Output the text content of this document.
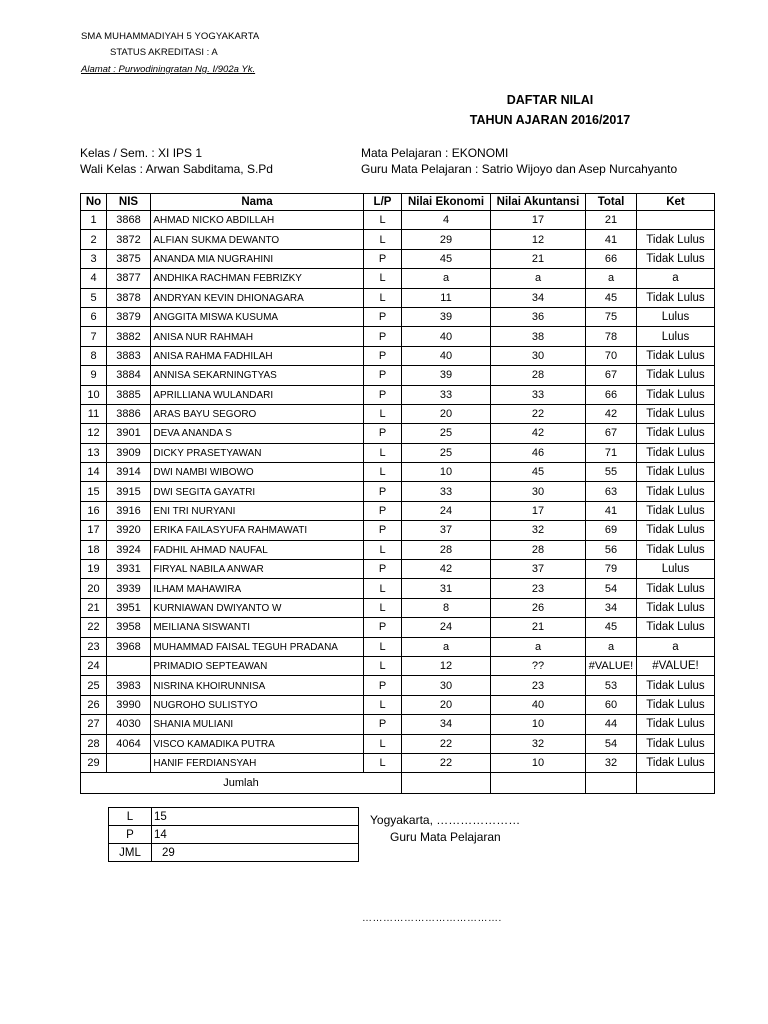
SMA MUHAMMADIYAH 5 YOGYAKARTA
STATUS AKREDITASI : A
Alamat : Purwodiningratan Ng. I/902a Yk.
DAFTAR NILAI
TAHUN AJARAN 2016/2017
Kelas / Sem. : XI IPS 1
Wali Kelas : Arwan Sabditama, S.Pd
Mata Pelajaran : EKONOMI
Guru Mata Pelajaran : Satrio Wijoyo dan Asep Nurcahyanto
No	NIS	Nama	L/P	Nilai Ekonomi	Nilai Akuntansi	Total	Ket
1	3868	AHMAD NICKO ABDILLAH	L	4	17	21	
2	3872	ALFIAN SUKMA DEWANTO	L	29	12	41	Tidak Lulus
3	3875	ANANDA MIA NUGRAHINI	P	45	21	66	Tidak Lulus
4	3877	ANDHIKA RACHMAN FEBRIZKY	L	a	a	a	a
5	3878	ANDRYAN KEVIN DHIONAGARA	L	11	34	45	Tidak Lulus
6	3879	ANGGITA MISWA KUSUMA	P	39	36	75	Lulus
7	3882	ANISA NUR RAHMAH	P	40	38	78	Lulus
8	3883	ANISA RAHMA FADHILAH	P	40	30	70	Tidak Lulus
9	3884	ANNISA SEKARNINGTYAS	P	39	28	67	Tidak Lulus
10	3885	APRILLIANA WULANDARI	P	33	33	66	Tidak Lulus
11	3886	ARAS BAYU SEGORO	L	20	22	42	Tidak Lulus
12	3901	DEVA ANANDA S	P	25	42	67	Tidak Lulus
13	3909	DICKY PRASETYAWAN	L	25	46	71	Tidak Lulus
14	3914	DWI NAMBI WIBOWO	L	10	45	55	Tidak Lulus
15	3915	DWI SEGITA GAYATRI	P	33	30	63	Tidak Lulus
16	3916	ENI TRI NURYANI	P	24	17	41	Tidak Lulus
17	3920	ERIKA FAILASYUFA RAHMAWATI	P	37	32	69	Tidak Lulus
18	3924	FADHIL AHMAD NAUFAL	L	28	28	56	Tidak Lulus
19	3931	FIRYAL NABILA ANWAR	P	42	37	79	Lulus
20	3939	ILHAM MAHAWIRA	L	31	23	54	Tidak Lulus
21	3951	KURNIAWAN DWIYANTO W	L	8	26	34	Tidak Lulus
22	3958	MEILIANA SISWANTI	P	24	21	45	Tidak Lulus
23	3968	MUHAMMAD FAISAL TEGUH PRADANA	L	a	a	a	a
24		PRIMADIO SEPTEAWAN	L	12	??	#VALUE!	#VALUE!
25	3983	NISRINA KHOIRUNNISA	P	30	23	53	Tidak Lulus
26	3990	NUGROHO SULISTYO	L	20	40	60	Tidak Lulus
27	4030	SHANIA MULIANI	P	34	10	44	Tidak Lulus
28	4064	VISCO KAMADIKA PUTRA	L	22	32	54	Tidak Lulus
29		HANIF FERDIANSYAH	L	22	10	32	Tidak Lulus
Jumlah							
L	15
P	14
JML	29
Yogyakarta, …………………
Guru Mata Pelajaran
………………………………….
